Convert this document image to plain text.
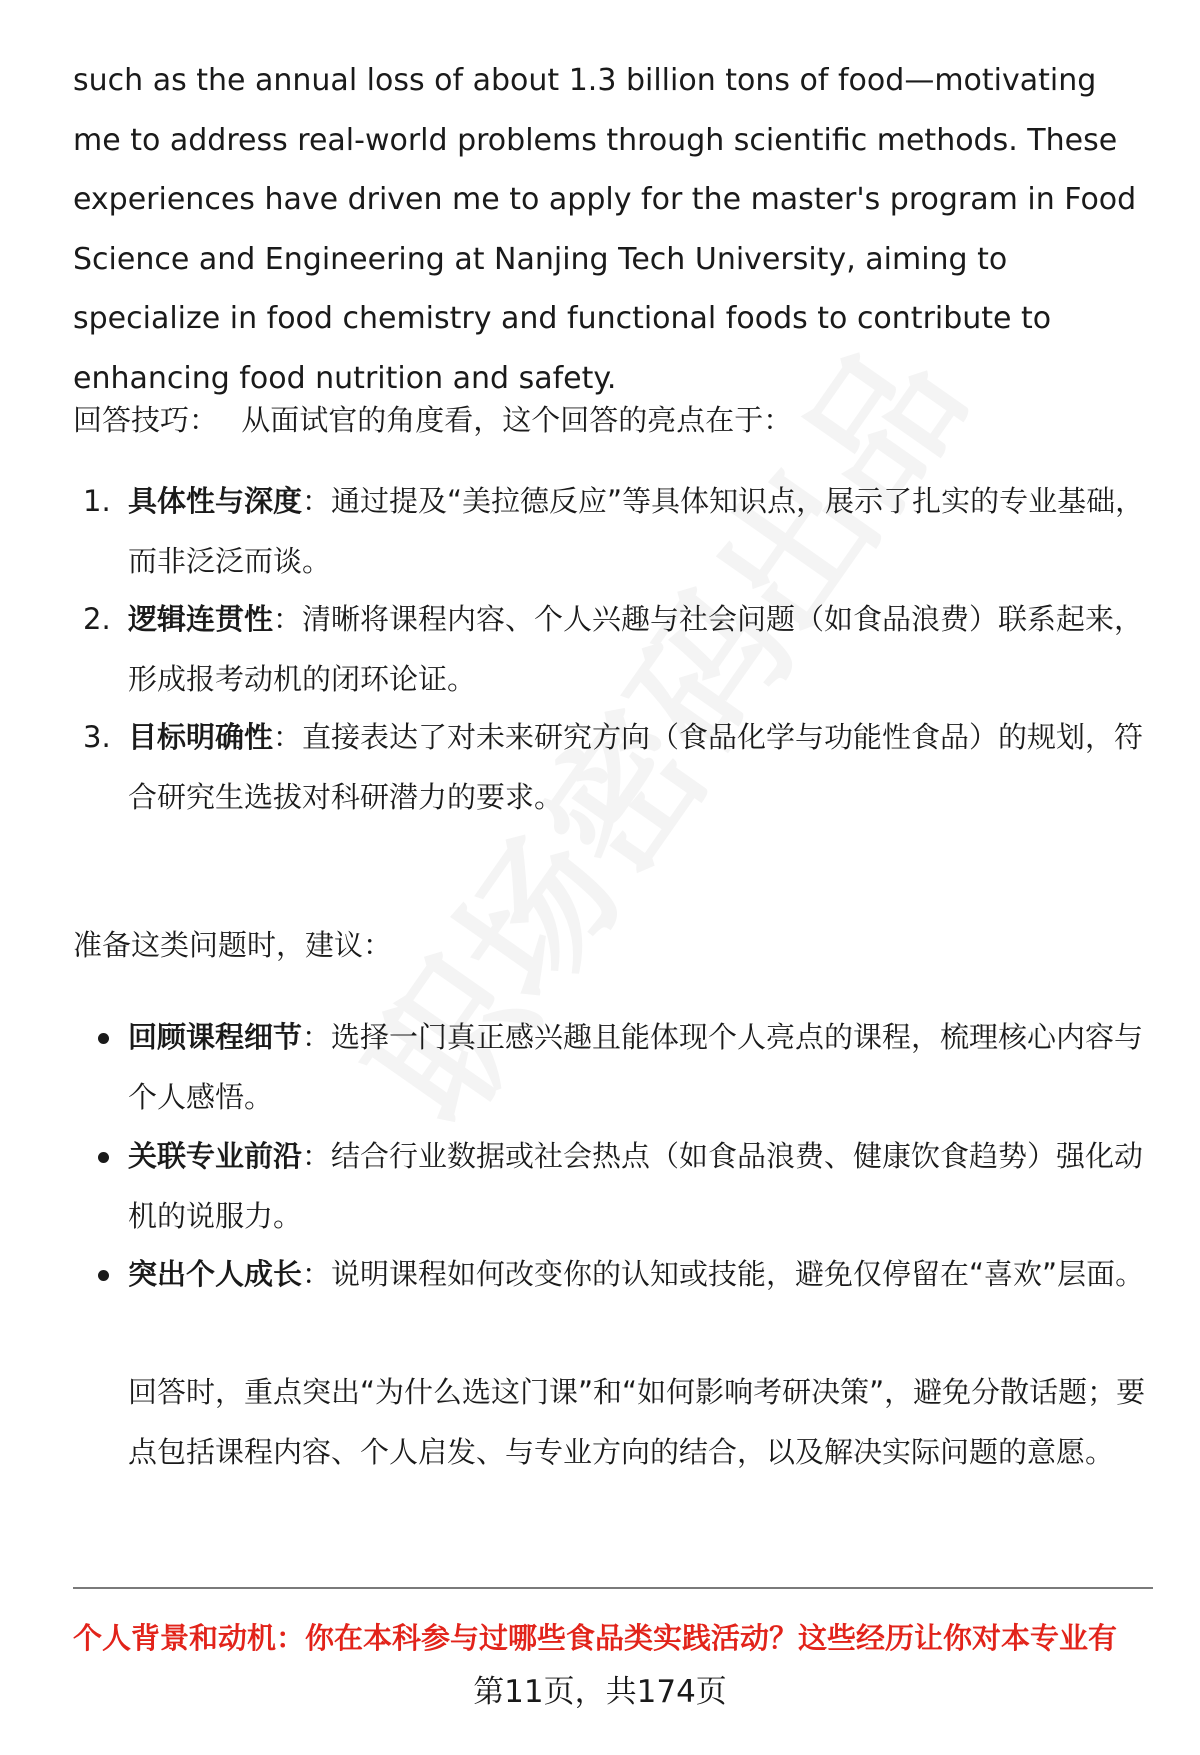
such as the annual loss of about 1.3 billion tons of food—motivating me to address real-world problems through scientific methods. These experiences have driven me to apply for the master's program in Food Science and Engineering at Nanjing Tech University, aiming to specialize in food chemistry and functional foods to contribute to enhancing food nutrition and safety.

回答技巧： 从面试官的角度看，这个回答的亮点在于：

1. 具体性与深度：通过提及“美拉德反应”等具体知识点，展示了扎实的专业基础，而非泛泛而谈。

2. 逻辑连贯性：清晰将课程内容、个人兴趣与社会问题（如食品浪费）联系起来，形成报考动机的闭环论证。

3. 目标明确性：直接表达了对未来研究方向（食品化学与功能性食品）的规划，符合研究生选拔对科研潜力的要求。

准备这类问题时，建议：

回顾课程细节：选择一门真正感兴趣且能体现个人亮点的课程，梳理核心内容与个人感悟。

关联专业前沿：结合行业数据或社会热点（如食品浪费、健康饮食趋势）强化动机的说服力。

突出个人成长：说明课程如何改变你的认知或技能，避免仅停留在“喜欢”层面。

回答时，重点突出“为什么选这门课”和“如何影响考研决策”，避免分散话题；要点包括课程内容、个人启发、与专业方向的结合，以及解决实际问题的意愿。

个人背景和动机：你在本科参与过哪些食品类实践活动？这些经历让你对本专业有
第11页，共174页
